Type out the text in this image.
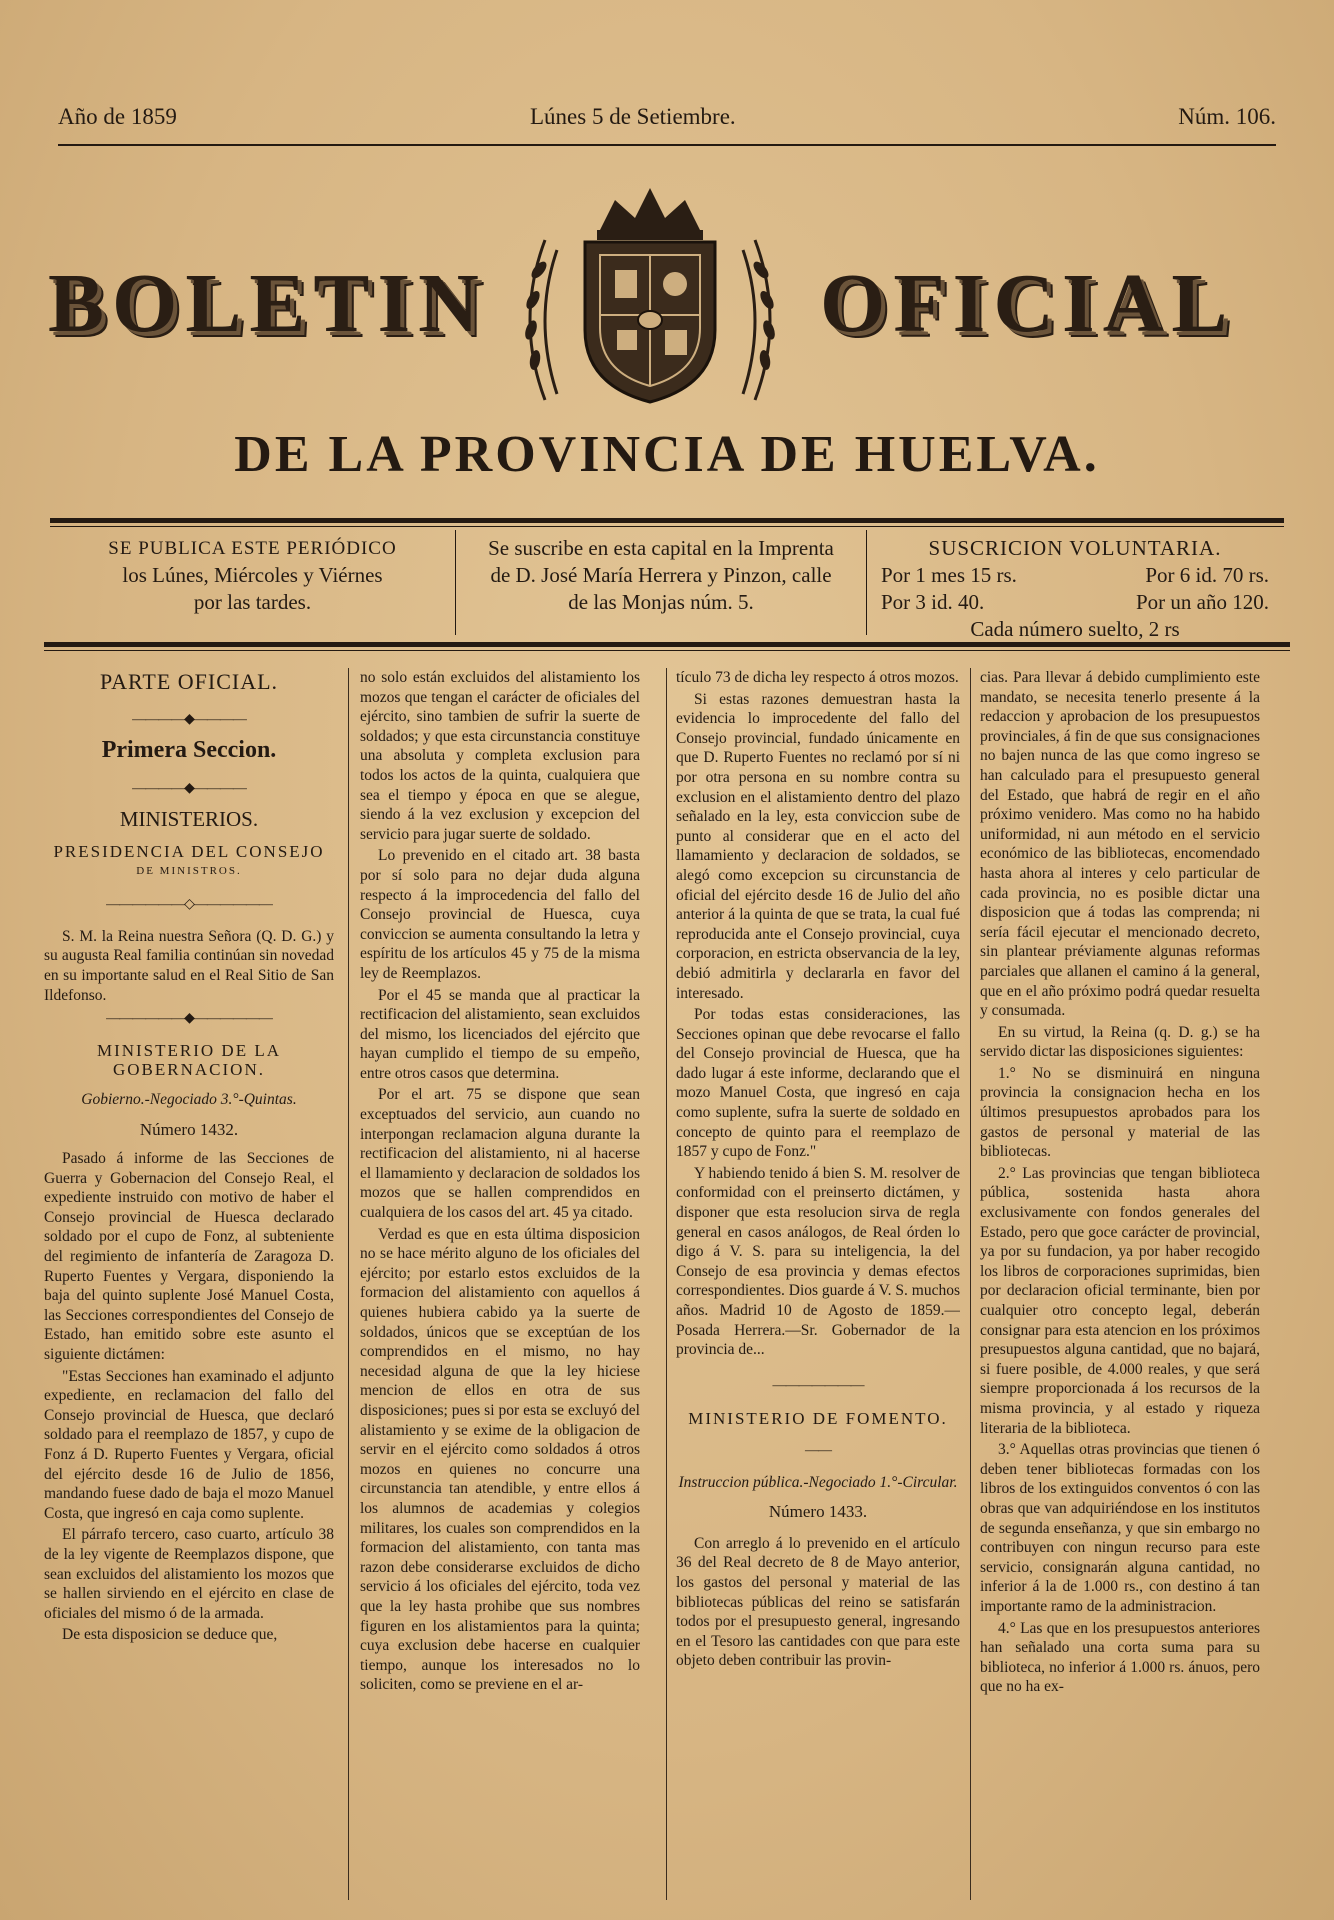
Año de 1859	Lúnes 5 de Setiembre.	Núm. 106.
BOLETIN	OFICIAL
DE LA PROVINCIA DE HUELVA.
SE PUBLICA ESTE PERIÓDICO
los Lúnes, Miércoles y Viérnes
por las tardes.
Se suscribe en esta capital en la Imprenta
de D. José María Herrera y Pinzon, calle
de las Monjas núm. 5.
SUSCRICION VOLUNTARIA.
Por 1 mes 15 rs.	Por 6 id. 70 rs.
Por 3 id. 40.	Por un año 120.
Cada número suelto, 2 rs
PARTE OFICIAL.
――――◆――――
Primera Seccion.
――――◆――――
MINISTERIOS.
PRESIDENCIA DEL CONSEJO
DE MINISTROS.
――――――◇――――――

S. M. la Reina nuestra Señora (Q. D. G.) y su augusta Real familia continúan sin novedad en su importante salud en el Real Sitio de San Ildefonso.

――――――◆――――――
MINISTERIO DE LA GOBERNACION.
Gobierno.-Negociado 3.°-Quintas.
Número 1432.

Pasado á informe de las Secciones de Guerra y Gobernacion del Consejo Real, el expediente instruido con motivo de haber el Consejo provincial de Huesca declarado soldado por el cupo de Fonz, al subteniente del regimiento de infantería de Zaragoza D. Ruperto Fuentes y Vergara, disponiendo la baja del quinto suplente José Manuel Costa, las Secciones correspondientes del Consejo de Estado, han emitido sobre este asunto el siguiente dictámen:

"Estas Secciones han examinado el adjunto expediente, en reclamacion del fallo del Consejo provincial de Huesca, que declaró soldado para el reemplazo de 1857, y cupo de Fonz á D. Ruperto Fuentes y Vergara, oficial del ejército desde 16 de Julio de 1856, mandando fuese dado de baja el mozo Manuel Costa, que ingresó en caja como suplente.

El párrafo tercero, caso cuarto, artículo 38 de la ley vigente de Reemplazos dispone, que sean excluidos del alistamiento los mozos que se hallen sirviendo en el ejército en clase de oficiales del mismo ó de la armada.

De esta disposicion se deduce que,

no solo están excluidos del alistamiento los mozos que tengan el carácter de oficiales del ejército, sino tambien de sufrir la suerte de soldados; y que esta circunstancia constituye una absoluta y completa exclusion para todos los actos de la quinta, cualquiera que sea el tiempo y época en que se alegue, siendo á la vez exclusion y excepcion del servicio para jugar suerte de soldado.

Lo prevenido en el citado art. 38 basta por sí solo para no dejar duda alguna respecto á la improcedencia del fallo del Consejo provincial de Huesca, cuya conviccion se aumenta consultando la letra y espíritu de los artículos 45 y 75 de la misma ley de Reemplazos.

Por el 45 se manda que al practicar la rectificacion del alistamiento, sean excluidos del mismo, los licenciados del ejército que hayan cumplido el tiempo de su empeño, entre otros casos que determina.

Por el art. 75 se dispone que sean exceptuados del servicio, aun cuando no interpongan reclamacion alguna durante la rectificacion del alistamiento, ni al hacerse el llamamiento y declaracion de soldados los mozos que se hallen comprendidos en cualquiera de los casos del art. 45 ya citado.

Verdad es que en esta última disposicion no se hace mérito alguno de los oficiales del ejército; por estarlo estos excluidos de la formacion del alistamiento con aquellos á quienes hubiera cabido ya la suerte de soldados, únicos que se exceptúan de los comprendidos en el mismo, no hay necesidad alguna de que la ley hiciese mencion de ellos en otra de sus disposiciones; pues si por esta se excluyó del alistamiento y se exime de la obligacion de servir en el ejército como soldados á otros mozos en quienes no concurre una circunstancia tan atendible, y entre ellos á los alumnos de academias y colegios militares, los cuales son comprendidos en la formacion del alistamiento, con tanta mas razon debe considerarse excluidos de dicho servicio á los oficiales del ejército, toda vez que la ley hasta prohibe que sus nombres figuren en los alistamientos para la quinta; cuya exclusion debe hacerse en cualquier tiempo, aunque los interesados no lo soliciten, como se previene en el ar-

tículo 73 de dicha ley respecto á otros mozos.

Si estas razones demuestran hasta la evidencia lo improcedente del fallo del Consejo provincial, fundado únicamente en que D. Ruperto Fuentes no reclamó por sí ni por otra persona en su nombre contra su exclusion en el alistamiento dentro del plazo señalado en la ley, esta conviccion sube de punto al considerar que en el acto del llamamiento y declaracion de soldados, se alegó como excepcion su circunstancia de oficial del ejército desde 16 de Julio del año anterior á la quinta de que se trata, la cual fué reproducida ante el Consejo provincial, cuya corporacion, en estricta observancia de la ley, debió admitirla y declararla en favor del interesado.

Por todas estas consideraciones, las Secciones opinan que debe revocarse el fallo del Consejo provincial de Huesca, que ha dado lugar á este informe, declarando que el mozo Manuel Costa, que ingresó en caja como suplente, sufra la suerte de soldado en concepto de quinto para el reemplazo de 1857 y cupo de Fonz."

Y habiendo tenido á bien S. M. resolver de conformidad con el preinserto dictámen, y disponer que esta resolucion sirva de regla general en casos análogos, de Real órden lo digo á V. S. para su inteligencia, la del Consejo de esa provincia y demas efectos correspondientes. Dios guarde á V. S. muchos años. Madrid 10 de Agosto de 1859.—Posada Herrera.—Sr. Gobernador de la provincia de...

―――――――
MINISTERIO DE FOMENTO.
――
Instruccion pública.-Negociado 1.°-Circular.
Número 1433.

Con arreglo á lo prevenido en el artículo 36 del Real decreto de 8 de Mayo anterior, los gastos del personal y material de las bibliotecas públicas del reino se satisfarán todos por el presupuesto general, ingresando en el Tesoro las cantidades con que para este objeto deben contribuir las provin-

cias. Para llevar á debido cumplimiento este mandato, se necesita tenerlo presente á la redaccion y aprobacion de los presupuestos provinciales, á fin de que sus consignaciones no bajen nunca de las que como ingreso se han calculado para el presupuesto general del Estado, que habrá de regir en el año próximo venidero. Mas como no ha habido uniformidad, ni aun método en el servicio económico de las bibliotecas, encomendado hasta ahora al interes y celo particular de cada provincia, no es posible dictar una disposicion que á todas las comprenda; ni sería fácil ejecutar el mencionado decreto, sin plantear préviamente algunas reformas parciales que allanen el camino á la general, que en el año próximo podrá quedar resuelta y consumada.

En su virtud, la Reina (q. D. g.) se ha servido dictar las disposiciones siguientes:

1.° No se disminuirá en ninguna provincia la consignacion hecha en los últimos presupuestos aprobados para los gastos de personal y material de las bibliotecas.

2.° Las provincias que tengan biblioteca pública, sostenida hasta ahora exclusivamente con fondos generales del Estado, pero que goce carácter de provincial, ya por su fundacion, ya por haber recogido los libros de corporaciones suprimidas, bien por declaracion oficial terminante, bien por cualquier otro concepto legal, deberán consignar para esta atencion en los próximos presupuestos alguna cantidad, que no bajará, si fuere posible, de 4.000 reales, y que será siempre proporcionada á los recursos de la misma provincia, y al estado y riqueza literaria de la biblioteca.

3.° Aquellas otras provincias que tienen ó deben tener bibliotecas formadas con los libros de los extinguidos conventos ó con las obras que van adquiriéndose en los institutos de segunda enseñanza, y que sin embargo no contribuyen con ningun recurso para este servicio, consignarán alguna cantidad, no inferior á la de 1.000 rs., con destino á tan importante ramo de la administracion.

4.° Las que en los presupuestos anteriores han señalado una corta suma para su biblioteca, no inferior á 1.000 rs. ánuos, pero que no ha ex-
